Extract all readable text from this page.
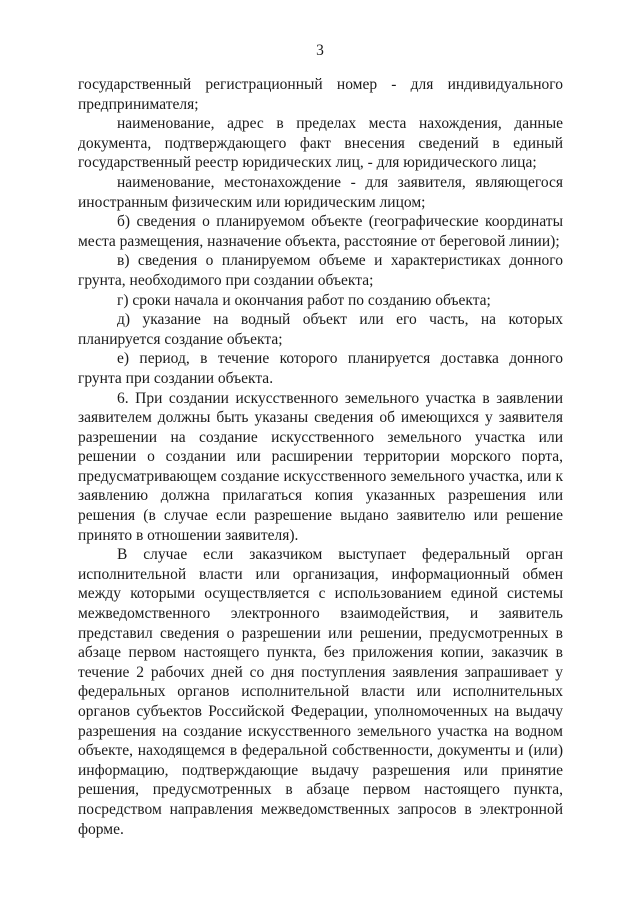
3

государственный регистрационный номер - для индивидуального предпринимателя;

наименование, адрес в пределах места нахождения, данные документа, подтверждающего факт внесения сведений в единый государственный реестр юридических лиц, - для юридического лица;

наименование, местонахождение - для заявителя, являющегося иностранным физическим или юридическим лицом;

б) сведения о планируемом объекте (географические координаты места размещения, назначение объекта, расстояние от береговой линии);

в) сведения о планируемом объеме и характеристиках донного грунта, необходимого при создании объекта;

г) сроки начала и окончания работ по созданию объекта;

д) указание на водный объект или его часть, на которых планируется создание объекта;

е) период, в течение которого планируется доставка донного грунта при создании объекта.

6. При создании искусственного земельного участка в заявлении заявителем должны быть указаны сведения об имеющихся у заявителя разрешении на создание искусственного земельного участка или решении о создании или расширении территории морского порта, предусматривающем создание искусственного земельного участка, или к заявлению должна прилагаться копия указанных разрешения или решения (в случае если разрешение выдано заявителю или решение принято в отношении заявителя).

В случае если заказчиком выступает федеральный орган исполнительной власти или организация, информационный обмен между которыми осуществляется с использованием единой системы межведомственного электронного взаимодействия, и заявитель представил сведения о разрешении или решении, предусмотренных в абзаце первом настоящего пункта, без приложения копии, заказчик в течение 2 рабочих дней со дня поступления заявления запрашивает у федеральных органов исполнительной власти или исполнительных органов субъектов Российской Федерации, уполномоченных на выдачу разрешения на создание искусственного земельного участка на водном объекте, находящемся в федеральной собственности, документы и (или) информацию, подтверждающие выдачу разрешения или принятие решения, предусмотренных в абзаце первом настоящего пункта, посредством направления межведомственных запросов в электронной форме.
